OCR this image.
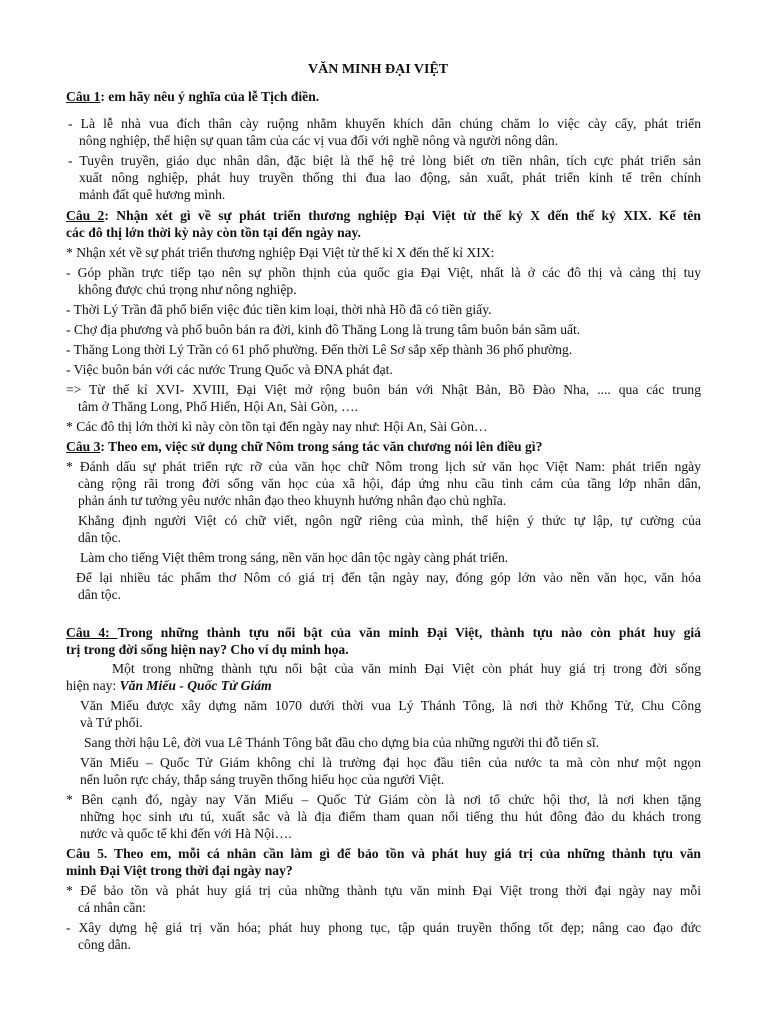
VĂN MINH ĐẠI VIỆT
Câu 1: em hãy nêu ý nghĩa của lễ Tịch điền.
- Là lễ nhà vua đích thân cày ruộng nhằm khuyến khích dân chúng chăm lo việc cày cấy, phát triển
nông nghiệp, thể hiện sự quan tâm của các vị vua đối với nghề nông và người nông dân.
- Tuyên truyền, giáo dục nhân dân, đặc biệt là thế hệ trẻ lòng biết ơn tiền nhân, tích cực phát triển sản
xuất nông nghiệp, phát huy truyền thống thi đua lao động, sản xuất, phát triển kinh tế trên chính
mảnh đất quê hương mình.
Câu 2: Nhận xét gì về sự phát triển thương nghiệp Đại Việt từ thế kỷ X đến thế kỷ XIX. Kể tên
các đô thị lớn thời kỳ này còn tồn tại đến ngày nay.
* Nhận xét về sự phát triển thương nghiệp Đại Việt từ thế kỉ X đến thế kỉ XIX:
- Góp phần trực tiếp tạo nên sự phồn thịnh của quốc gia Đại Việt, nhất là ở các đô thị và cảng thị tuy
không được chú trọng như nông nghiệp.
- Thời Lý Trần đã phổ biến việc đúc tiền kim loại, thời nhà Hồ đã có tiền giấy.
- Chợ địa phương và phố buôn bán ra đời, kinh đô Thăng Long là trung tâm buôn bán sầm uất.
- Thăng Long thời Lý Trần có 61 phố phường. Đến thời Lê Sơ sắp xếp thành 36 phố phường.
- Việc buôn bán với các nước Trung Quốc và ĐNA phát đạt.
=> Từ thế kỉ XVI- XVIII, Đại Việt mở rộng buôn bán với Nhật Bản, Bồ Đào Nha, .... qua các trung
tâm ở Thăng Long, Phố Hiến, Hội An, Sài Gòn, ….
* Các đô thị lớn thời kì này còn tồn tại đến ngày nay như: Hội An, Sài Gòn…
Câu 3: Theo em, việc sử dụng chữ Nôm trong sáng tác văn chương nói lên điều gì?
* Đánh dấu sự phát triển rực rỡ của văn học chữ Nôm trong lịch sử văn học Việt Nam: phát triển ngày
càng rộng rãi trong đời sống văn học của xã hội, đáp ứng nhu cầu tình cảm của tầng lớp nhân dân,
phản ánh tư tưởng yêu nước nhân đạo theo khuynh hướng nhân đạo chủ nghĩa.
Khẳng định người Việt có chữ viết, ngôn ngữ riêng của mình, thể hiện ý thức tự lập, tự cường của
dân tộc.
Làm cho tiếng Việt thêm trong sáng, nền văn học dân tộc ngày càng phát triển.
Để lại nhiều tác phẩm thơ Nôm có giá trị đến tận ngày nay, đóng góp lớn vào nền văn học, văn hóa
dân tộc.
Câu 4: Trong những thành tựu nổi bật của văn minh Đại Việt, thành tựu nào còn phát huy giá
trị trong đời sống hiện nay? Cho ví dụ minh họa.
Một trong những thành tựu nổi bật của văn minh Đại Việt còn phát huy giá trị trong đời sống
hiện nay: Văn Miếu - Quốc Tử Giám
Văn Miếu được xây dựng năm 1070 dưới thời vua Lý Thánh Tông, là nơi thờ Khổng Tử, Chu Công
và Tứ phối.
Sang thời hậu Lê, đời vua Lê Thánh Tông bắt đầu cho dựng bia của những người thi đỗ tiến sĩ.
Văn Miếu – Quốc Tử Giám không chỉ là trường đại học đầu tiên của nước ta mà còn như một ngọn
nến luôn rực cháy, thắp sáng truyền thống hiếu học của người Việt.
* Bên cạnh đó, ngày nay Văn Miếu – Quốc Tử Giám còn là nơi tổ chức hội thơ, là nơi khen tặng
những học sinh ưu tú, xuất sắc và là địa điểm tham quan nổi tiếng thu hút đông đảo du khách trong
nước và quốc tế khi đến với Hà Nội….
Câu 5. Theo em, mỗi cá nhân cần làm gì để bảo tồn và phát huy giá trị của những thành tựu văn
minh Đại Việt trong thời đại ngày nay?
* Để bảo tồn và phát huy giá trị của những thành tựu văn minh Đại Việt trong thời đại ngày nay mỗi
cá nhân cần:
- Xây dựng hệ giá trị văn hóa; phát huy phong tục, tập quán truyền thống tốt đẹp; nâng cao đạo đức
công dân.
